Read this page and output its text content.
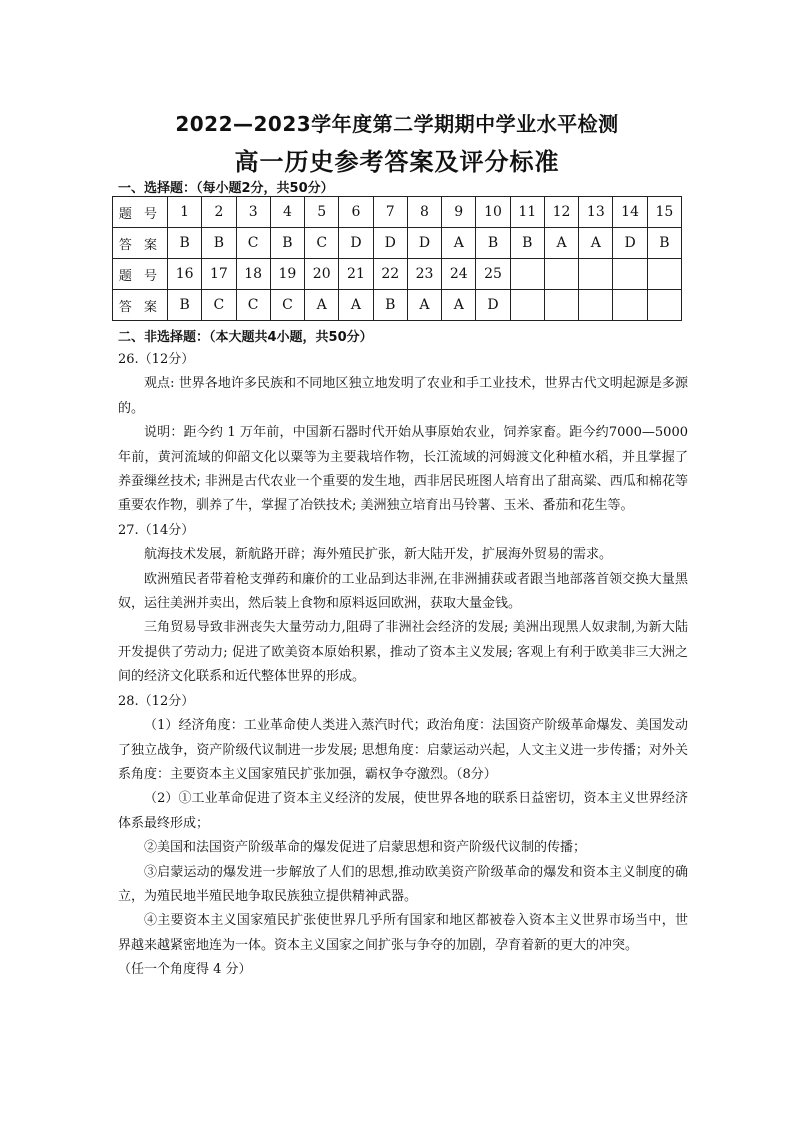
2022—2023学年度第二学期期中学业水平检测
高一历史参考答案及评分标准
一、选择题：（每小题2分，共50分）
题 号	1	2	3	4	5	6	7	8	9	10	11	12	13	14	15
答 案	B	B	C	B	C	D	D	D	A	B	B	A	A	D	B
题 号	16	17	18	19	20	21	22	23	24	25					
答 案	B	C	C	C	A	A	B	A	A	D					
二、非选择题：（本大题共4小题，共50分）

26.（12分）

观点: 世界各地许多民族和不同地区独立地发明了农业和手工业技术，世界古代文明起源是多源的。

说明：距今约 1 万年前，中国新石器时代开始从事原始农业，饲养家畜。距今约7000—5000年前，黄河流域的仰韶文化以粟等为主要栽培作物，长江流域的河姆渡文化种植水稻，并且掌握了养蚕缫丝技术; 非洲是古代农业一个重要的发生地，西非居民班图人培育出了甜高粱、西瓜和棉花等重要农作物，驯养了牛，掌握了冶铁技术; 美洲独立培育出马铃薯、玉米、番茄和花生等。

27.（14分）

航海技术发展，新航路开辟；海外殖民扩张，新大陆开发，扩展海外贸易的需求。

欧洲殖民者带着枪支弹药和廉价的工业品到达非洲,在非洲捕获或者跟当地部落首领交换大量黑奴，运往美洲并卖出，然后装上食物和原料返回欧洲，获取大量金钱。

三角贸易导致非洲丧失大量劳动力,阻碍了非洲社会经济的发展; 美洲出现黑人奴隶制,为新大陆开发提供了劳动力; 促进了欧美资本原始积累，推动了资本主义发展; 客观上有利于欧美非三大洲之间的经济文化联系和近代整体世界的形成。

28.（12分）

（1）经济角度：工业革命使人类进入蒸汽时代；政治角度：法国资产阶级革命爆发、美国发动了独立战争，资产阶级代议制进一步发展; 思想角度：启蒙运动兴起，人文主义进一步传播；对外关系角度：主要资本主义国家殖民扩张加强，霸权争夺激烈。（8分）

（2）①工业革命促进了资本主义经济的发展，使世界各地的联系日益密切，资本主义世界经济体系最终形成；

②美国和法国资产阶级革命的爆发促进了启蒙思想和资产阶级代议制的传播；

③启蒙运动的爆发进一步解放了人们的思想,推动欧美资产阶级革命的爆发和资本主义制度的确立，为殖民地半殖民地争取民族独立提供精神武器。

④主要资本主义国家殖民扩张使世界几乎所有国家和地区都被卷入资本主义世界市场当中，世界越来越紧密地连为一体。资本主义国家之间扩张与争夺的加剧，孕育着新的更大的冲突。

（任一个角度得 4 分）
